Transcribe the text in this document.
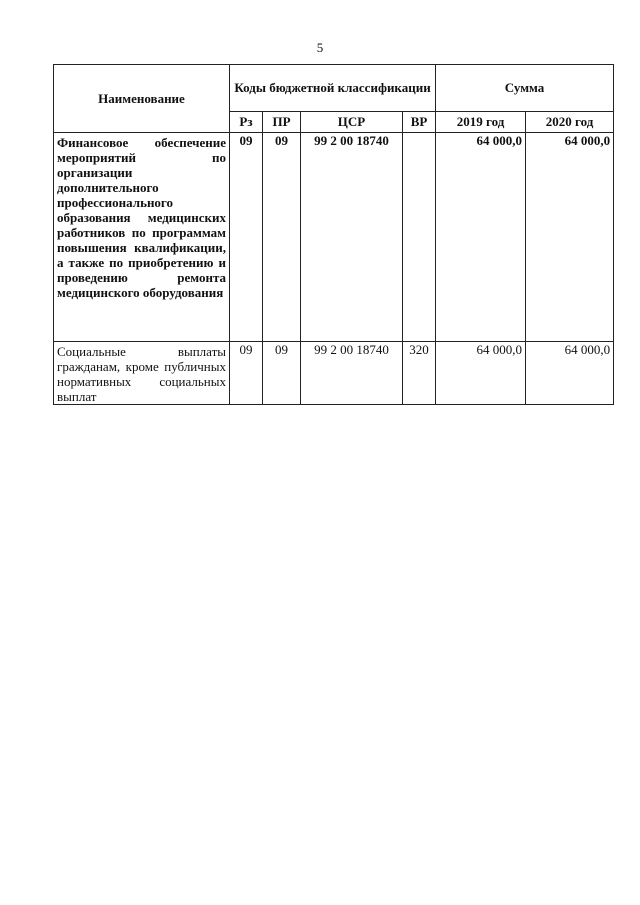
5
Наименование	Коды бюджетной классификации				Сумма	
	Рз	ПР	ЦСР	ВР	2019 год	2020 год
Финансовое обеспечение мероприятий по организации дополнительного профессионального образования медицинских работников по программам повышения квалификации, а также по приобретению и проведению ремонта медицинского оборудования	09	09	99 2 00 18740		64 000,0	64 000,0
Социальные выплаты гражданам, кроме публичных нормативных социальных выплат	09	09	99 2 00 18740	320	64 000,0	64 000,0
